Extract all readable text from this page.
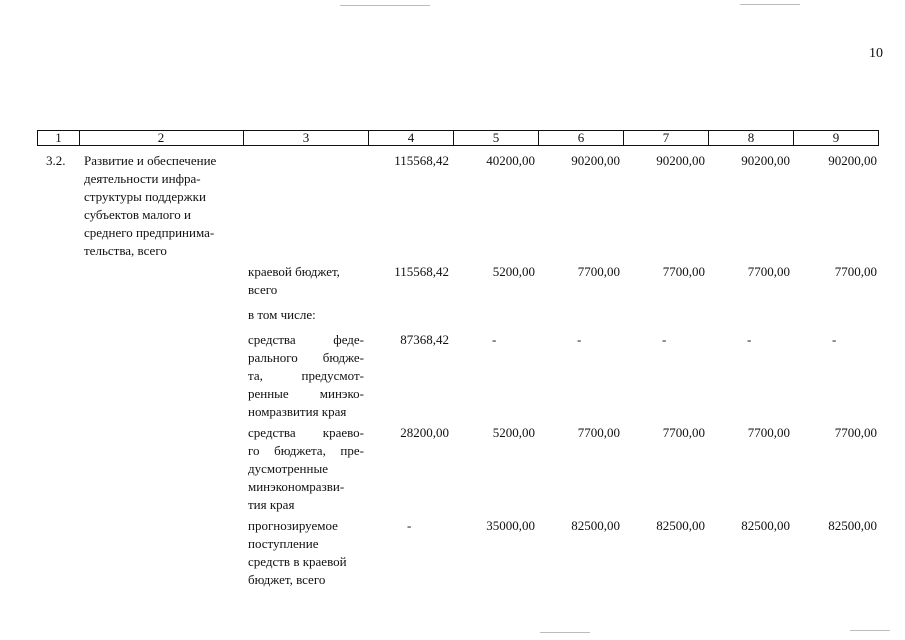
10
1	2	3	4	5	6	7	8	9
3.2. Развитие и обеспечение
деятельности инфра-
структуры поддержки
субъектов малого и
среднего предпринима-
тельства, всего
115568,42	40200,00	90200,00	90200,00	90200,00	90200,00
краевой бюджет,
всего
115568,42	5200,00	7700,00	7700,00	7700,00	7700,00
в том числе:
средства феде-
рального бюдже-
та, предусмот-
ренные минэко-
номразвития края
87368,42	-	-	-	-	-
средства краево-
го бюджета, пре-
дусмотренные
минэкономразви-
тия края
28200,00	5200,00	7700,00	7700,00	7700,00	7700,00
прогнозируемое
поступление
средств в краевой
бюджет, всего
-	35000,00	82500,00	82500,00	82500,00	82500,00
